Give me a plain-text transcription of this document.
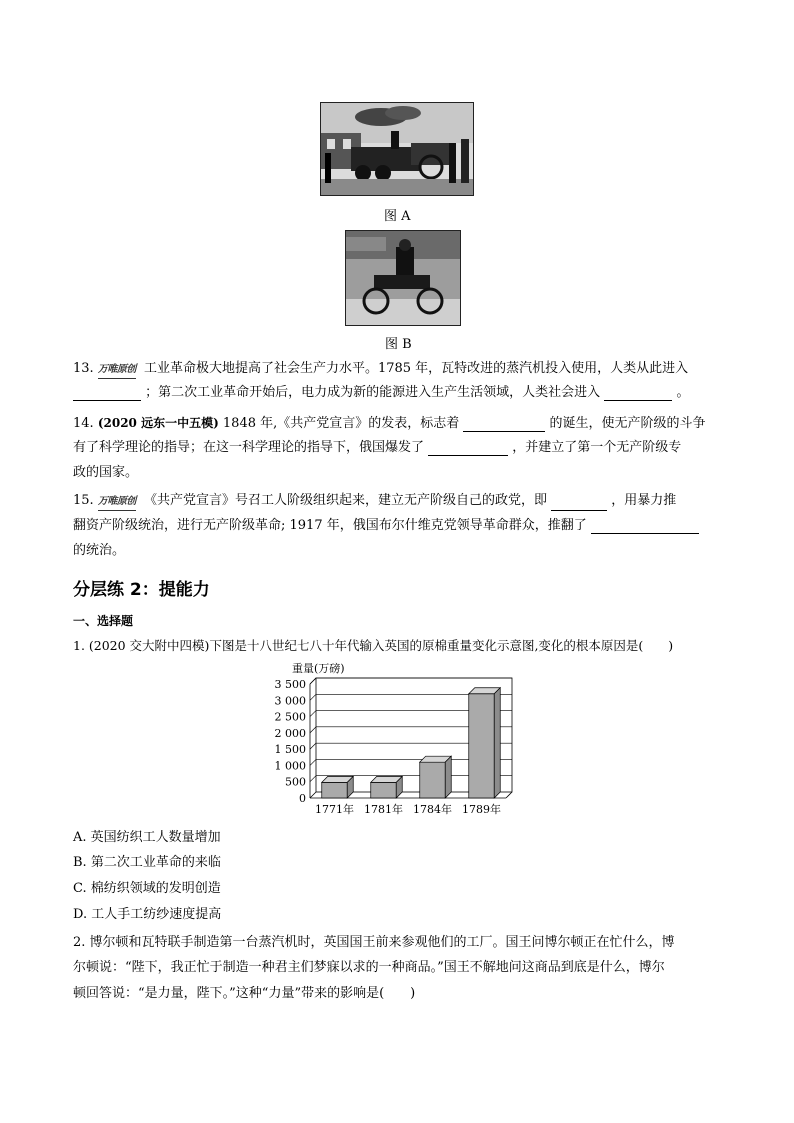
图 A
图 B
13. 万唯原创 工业革命极大地提高了社会生产力水平。1785 年，瓦特改进的蒸汽机投入使用，人类从此进入
；第二次工业革命开始后，电力成为新的能源进入生产生活领域，人类社会进入	。
14. (2020 远东一中五模) 1848 年,《共产党宣言》的发表，标志着	的诞生，使无产阶级的斗争
有了科学理论的指导；在这一科学理论的指导下，俄国爆发了	，并建立了第一个无产阶级专
政的国家。
15. 万唯原创 《共产党宣言》号召工人阶级组织起来，建立无产阶级自己的政党，即	，用暴力推
翻资产阶级统治，进行无产阶级革命; 1917 年，俄国布尔什维克党领导革命群众，推翻了
的统治。
分层练 2：提能力
一、选择题
1. (2020 交大附中四模)下图是十八世纪七八十年代输入英国的原棉重量变化示意图,变化的根本原因是(　　)
重量(万磅)
0
500
1 000
1 500
2 000
2 500
3 000
3 500
1771年 1781年 1784年 1789年
A. 英国纺织工人数量增加
B. 第二次工业革命的来临
C. 棉纺织领域的发明创造
D. 工人手工纺纱速度提高
2. 博尔顿和瓦特联手制造第一台蒸汽机时，英国国王前来参观他们的工厂。国王问博尔顿正在忙什么，博
尔顿说：“陛下，我正忙于制造一种君主们梦寐以求的一种商品。”国王不解地问这商品到底是什么，博尔
顿回答说：“是力量，陛下。”这种“力量”带来的影响是(　　)
